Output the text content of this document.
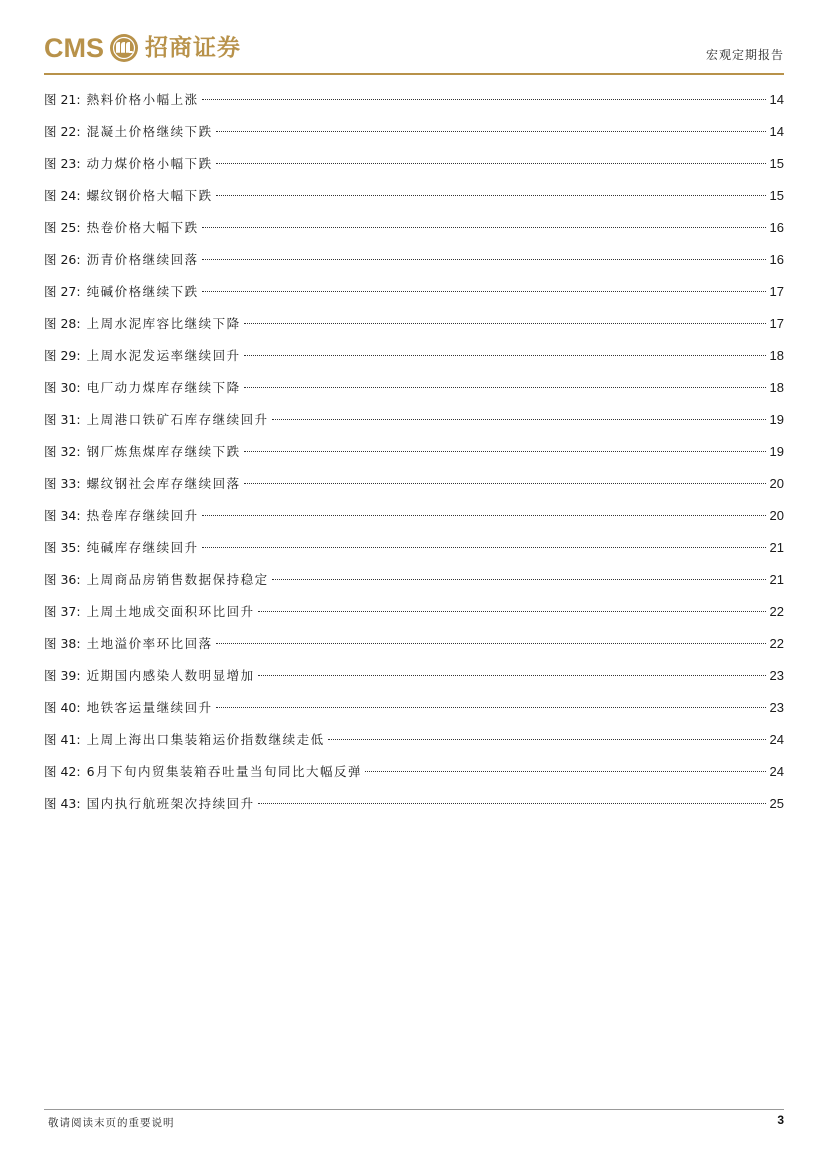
CMS 招商证券	宏观定期报告
图 21: 熱料价格小幅上涨	14
图 22: 混凝土价格继续下跌	14
图 23: 动力煤价格小幅下跌	15
图 24: 螺纹钢价格大幅下跌	15
图 25: 热卷价格大幅下跌	16
图 26: 沥青价格继续回落	16
图 27: 纯碱价格继续下跌	17
图 28: 上周水泥库容比继续下降	17
图 29: 上周水泥发运率继续回升	18
图 30: 电厂动力煤库存继续下降	18
图 31: 上周港口铁矿石库存继续回升	19
图 32: 钢厂炼焦煤库存继续下跌	19
图 33: 螺纹钢社会库存继续回落	20
图 34: 热卷库存继续回升	20
图 35: 纯碱库存继续回升	21
图 36: 上周商品房销售数据保持稳定	21
图 37: 上周土地成交面积环比回升	22
图 38: 土地溢价率环比回落	22
图 39: 近期国内感染人数明显增加	23
图 40: 地铁客运量继续回升	23
图 41: 上周上海出口集装箱运价指数继续走低	24
图 42: 6月下旬内贸集装箱吞吐量当旬同比大幅反弹	24
图 43: 国内执行航班架次持续回升	25
敬请阅读末页的重要说明	3
